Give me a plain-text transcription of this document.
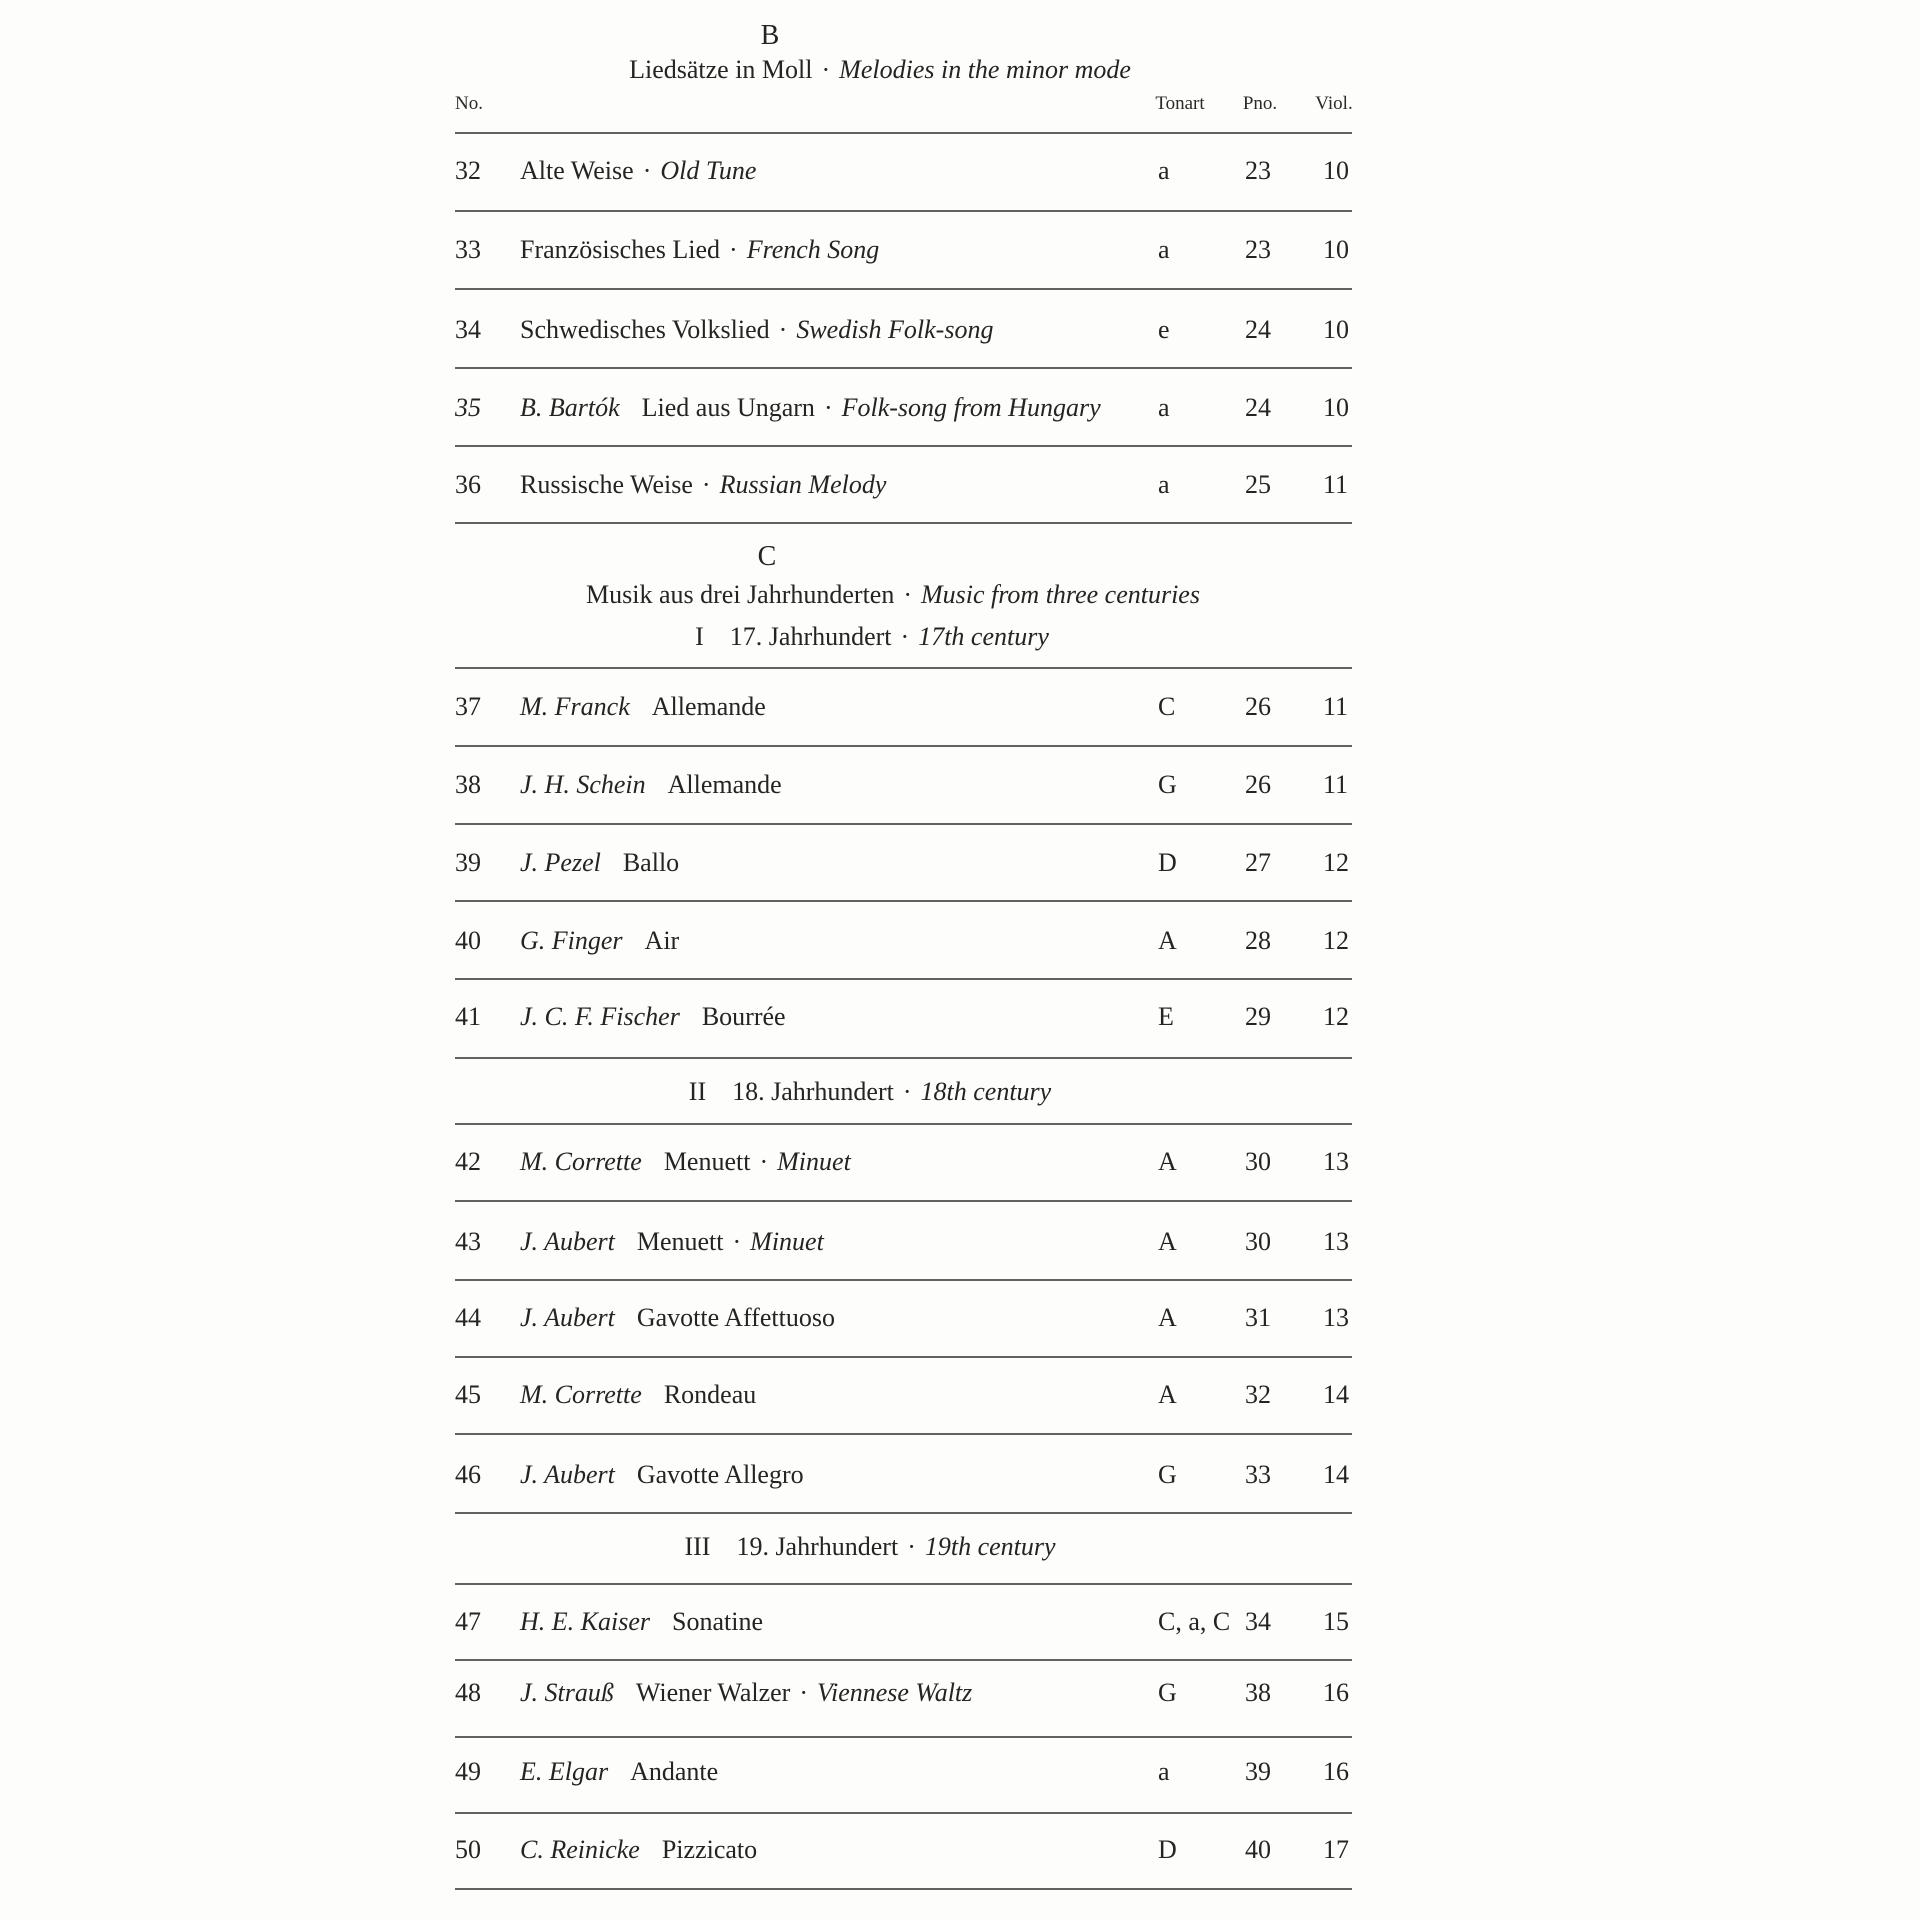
B
Liedsätze in Moll · Melodies in the minor mode
C
Musik aus drei Jahrhunderten · Music from three centuries
I 17. Jahrhundert · 17th century
II 18. Jahrhundert · 18th century
III 19. Jahrhundert · 19th century
No.	Tonart Pno. Viol.
32 Alte Weise · Old Tune	a	23 10
33 Französisches Lied · French Song	a	23 10
34 Schwedisches Volkslied · Swedish Folk-song	e	24 10
35 B. Bartók Lied aus Ungarn · Folk-song from Hungary a	24 10
36 Russische Weise · Russian Melody	a	25 11
37 M. Franck Allemande	C	26 11
38 J. H. Schein Allemande	G	26 11
39 J. Pezel Ballo	D	27 12
40 G. Finger Air	A	28 12
41 J. C. F. Fischer Bourrée	E	29 12
42 M. Corrette Menuett · Minuet	A	30 13
43 J. Aubert Menuett · Minuet	A	30 13
44 J. Aubert Gavotte Affettuoso	A	31 13
45 M. Corrette Rondeau	A	32 14
46 J. Aubert Gavotte Allegro	G	33 14
47 H. E. Kaiser Sonatine	C, a, C 34 15
48 J. Strauß Wiener Walzer · Viennese Waltz	G	38 16
49 E. Elgar Andante	a	39 16
50 C. Reinicke Pizzicato	D	40 17
